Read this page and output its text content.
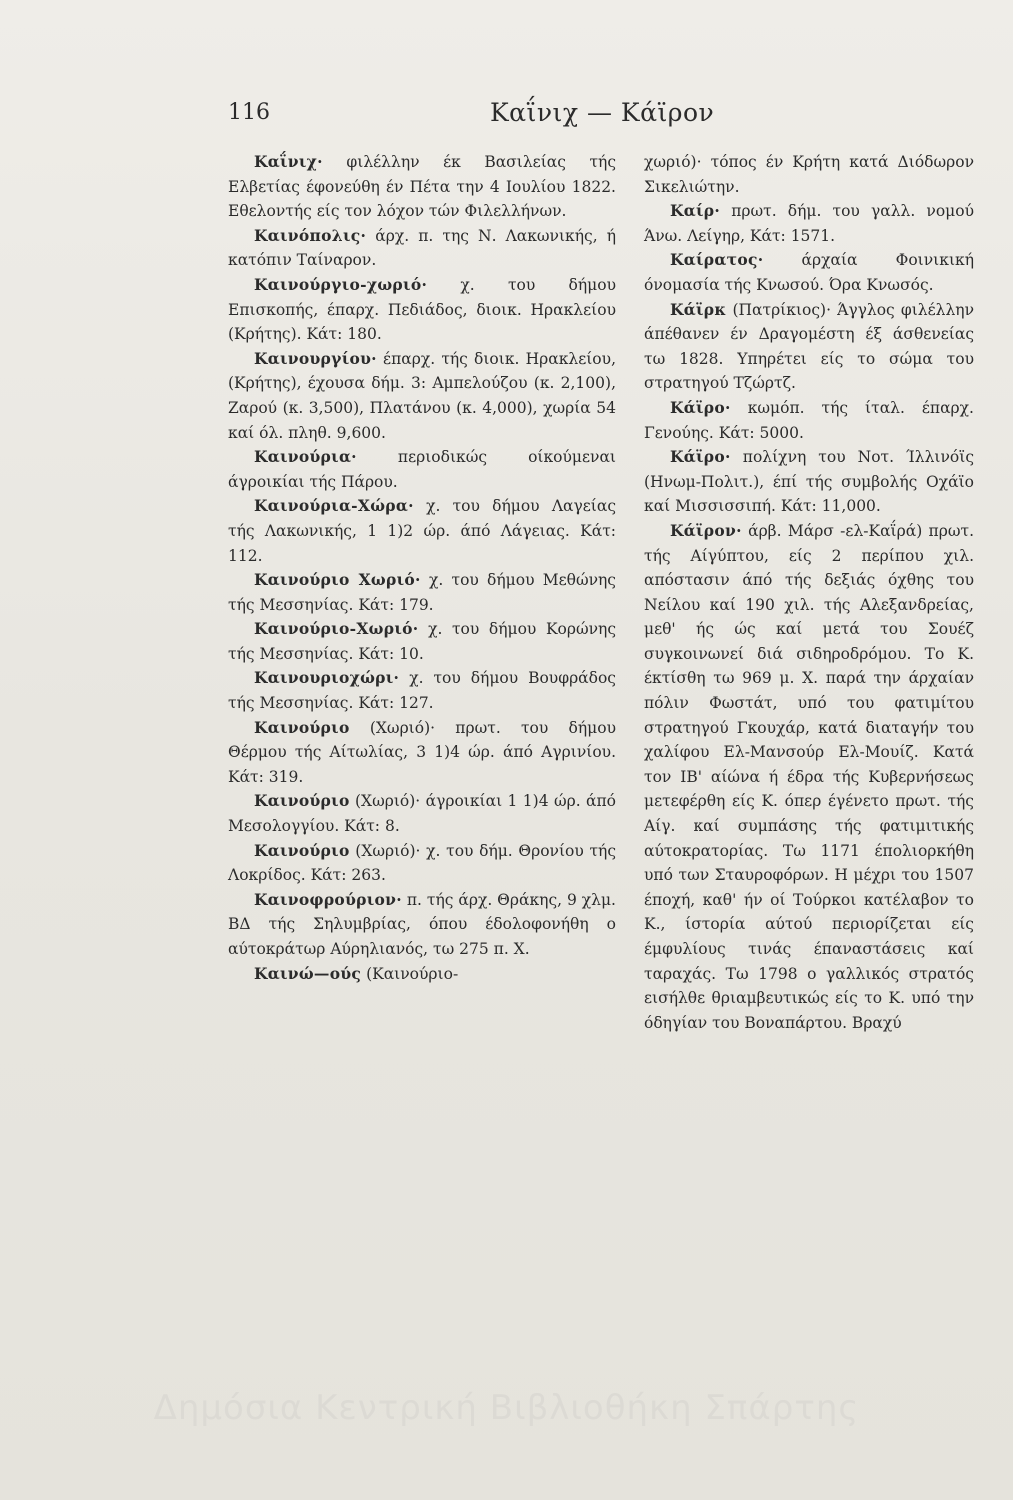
116	Καΐνιχ — Κάϊρον

Καΐνιχ· φιλέλλην έκ Βασιλείας τής Ελβετίας έφονεύθη έν Πέτα την 4 Ιουλίου 1822. Εθελοντής είς τον λόχον τών Φιλελλήνων.

Καινόπολις· άρχ. π. της Ν. Λακωνικής, ή κατόπιν Ταίναρον.

Καινούργιο-χωριό· χ. του δήμου Επισκοπής, έπαρχ. Πεδιάδος, διοικ. Ηρακλείου (Κρήτης). Κάτ: 180.

Καινουργίου· έπαρχ. τής διοικ. Ηρακλείου, (Κρήτης), έχουσα δήμ. 3: Αμπελούζου (κ. 2,100), Ζαρού (κ. 3,500), Πλατάνου (κ. 4,000), χωρία 54 καί όλ. πληθ. 9,600.

Καινούρια· περιοδικώς οίκούμεναι άγροικίαι τής Πάρου.

Καινούρια-Χώρα· χ. του δήμου Λαγείας τής Λακωνικής, 1 1)2 ώρ. άπό Λάγειας. Κάτ: 112.

Καινούριο Χωριό· χ. του δήμου Μεθώνης τής Μεσσηνίας. Κάτ: 179.

Καινούριο-Χωριό· χ. του δήμου Κορώνης τής Μεσσηνίας. Κάτ: 10.

Καινουριοχώρι· χ. του δήμου Βουφράδος τής Μεσσηνίας. Κάτ: 127.

Καινούριο (Χωριό)· πρωτ. του δήμου Θέρμου τής Αίτωλίας, 3 1)4 ώρ. άπό Αγρινίου. Κάτ: 319.

Καινούριο (Χωριό)· άγροικίαι 1 1)4 ώρ. άπό Μεσολογγίου. Κάτ: 8.

Καινούριο (Χωριό)· χ. του δήμ. Θρονίου τής Λοκρίδος. Κάτ: 263.

Καινοφρούριον· π. τής άρχ. Θράκης, 9 χλμ. ΒΔ τής Σηλυμβρίας, όπου έδολοφονήθη ο αύτοκράτωρ Αύρηλιανός, τω 275 π. Χ.

Καινώ—ούς (Καινούριο-

χωριό)· τόπος έν Κρήτη κατά Διόδωρον Σικελιώτην.

Καίρ· πρωτ. δήμ. του γαλλ. νομού Άνω. Λείγηρ, Κάτ: 1571.

Καίρατος· άρχαία Φοινικική όνομασία τής Κνωσού. Όρα Κνωσός.

Κάϊρκ (Πατρίκιος)· Άγγλος φιλέλλην άπέθανεν έν Δραγομέστη έξ άσθενείας τω 1828. Υπηρέτει είς το σώμα του στρατηγού Τζώρτζ.

Κάϊρο· κωμόπ. τής ίταλ. έπαρχ. Γενούης. Κάτ: 5000.

Κάϊρο· πολίχνη του Νοτ. Ίλλινόϊς (Ηνωμ-Πολιτ.), έπί τής συμβολής Οχάϊο καί Μισσισσιπή. Κάτ: 11,000.

Κάϊρον· άρβ. Μάρσ -ελ-Καΐρά) πρωτ. τής Αίγύπτου, είς 2 περίπου χιλ. απόστασιν άπό τής δεξιάς όχθης του Νείλου καί 190 χιλ. τής Αλεξανδρείας, μεθ' ής ώς καί μετά του Σουέζ συγκοινωνεί διά σιδηροδρόμου. Το Κ. έκτίσθη τω 969 μ. Χ. παρά την άρχαίαν πόλιν Φωστάτ, υπό του φατιμίτου στρατηγού Γκουχάρ, κατά διαταγήν του χαλίφου Ελ-Μανσούρ Ελ-Μουίζ. Κατά τον ΙΒ' αίώνα ή έδρα τής Κυβερνήσεως μετεφέρθη είς Κ. όπερ έγένετο πρωτ. τής Αίγ. καί συμπάσης τής φατιμιτικής αύτοκρατορίας. Τω 1171 έπολιορκήθη υπό των Σταυροφόρων. Η μέχρι του 1507 έποχή, καθ' ήν οί Τούρκοι κατέλαβον το Κ., ίστορία αύτού περιορίζεται είς έμφυλίους τινάς έπαναστάσεις καί ταραχάς. Τω 1798 ο γαλλικός στρατός εισήλθε θριαμβευτικώς είς το Κ. υπό την όδηγίαν του Βοναπάρτου. Βραχύ

Δημόσια Κεντρική Βιβλιοθήκη Σπάρτης
